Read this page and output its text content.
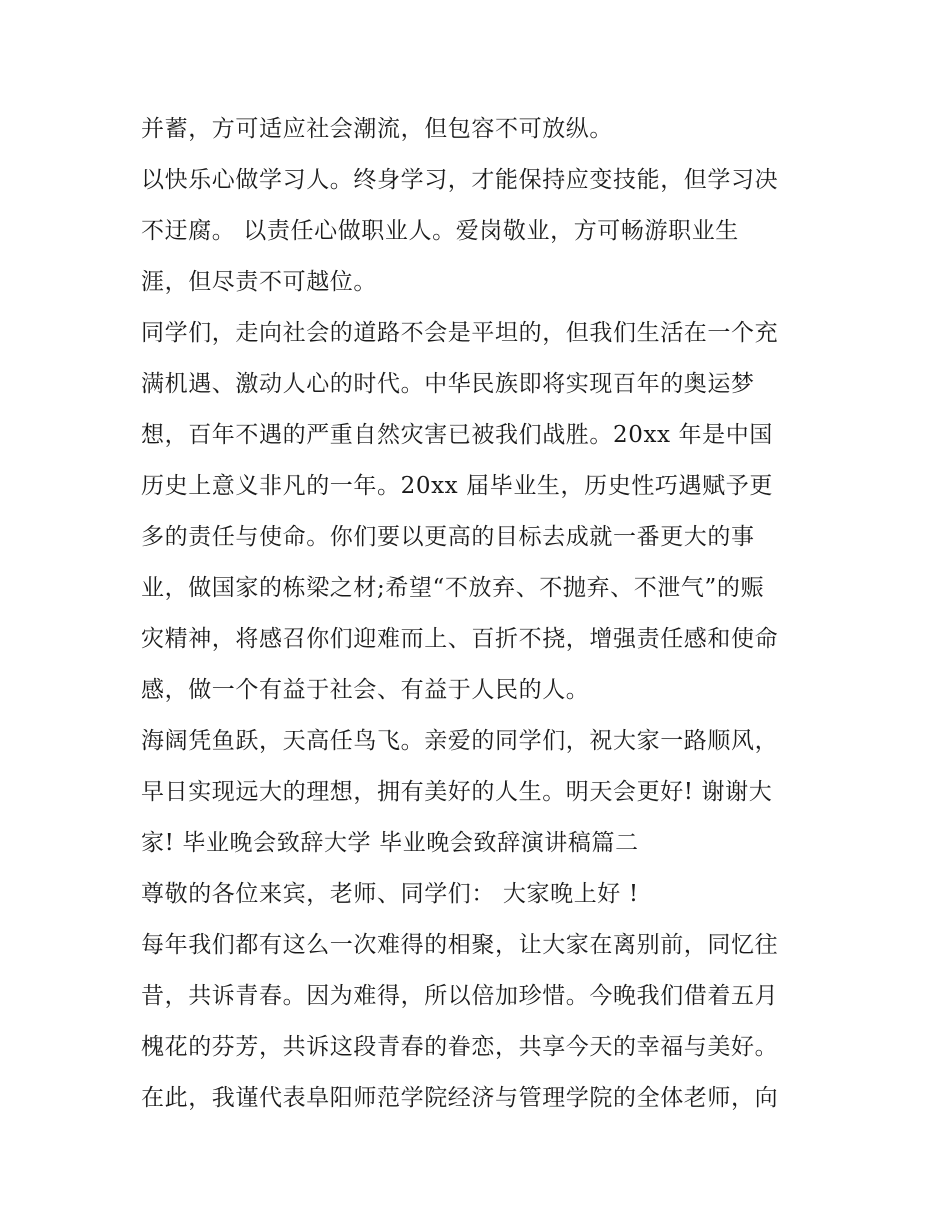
并蓄，方可适应社会潮流，但包容不可放纵。

以快乐心做学习人。终身学习，才能保持应变技能，但学习决

不迂腐。 以责任心做职业人。爱岗敬业，方可畅游职业生

涯，但尽责不可越位。

同学们，走向社会的道路不会是平坦的，但我们生活在一个充

满机遇、激动人心的时代。中华民族即将实现百年的奥运梦

想，百年不遇的严重自然灾害已被我们战胜。20xx 年是中国

历史上意义非凡的一年。20xx 届毕业生，历史性巧遇赋予更

多的责任与使命。你们要以更高的目标去成就一番更大的事

业，做国家的栋梁之材;希望“不放弃、不抛弃、不泄气”的赈

灾精神，将感召你们迎难而上、百折不挠，增强责任感和使命

感，做一个有益于社会、有益于人民的人。

海阔凭鱼跃，天高任鸟飞。亲爱的同学们，祝大家一路顺风，

早日实现远大的理想，拥有美好的人生。明天会更好! 谢谢大

家! 毕业晚会致辞大学 毕业晚会致辞演讲稿篇二

尊敬的各位来宾，老师、同学们： 大家晚上好 !

每年我们都有这么一次难得的相聚，让大家在离别前，同忆往

昔，共诉青春。因为难得，所以倍加珍惜。今晚我们借着五月

槐花的芬芳，共诉这段青春的眷恋，共享今天的幸福与美好。

在此，我谨代表阜阳师范学院经济与管理学院的全体老师，向
